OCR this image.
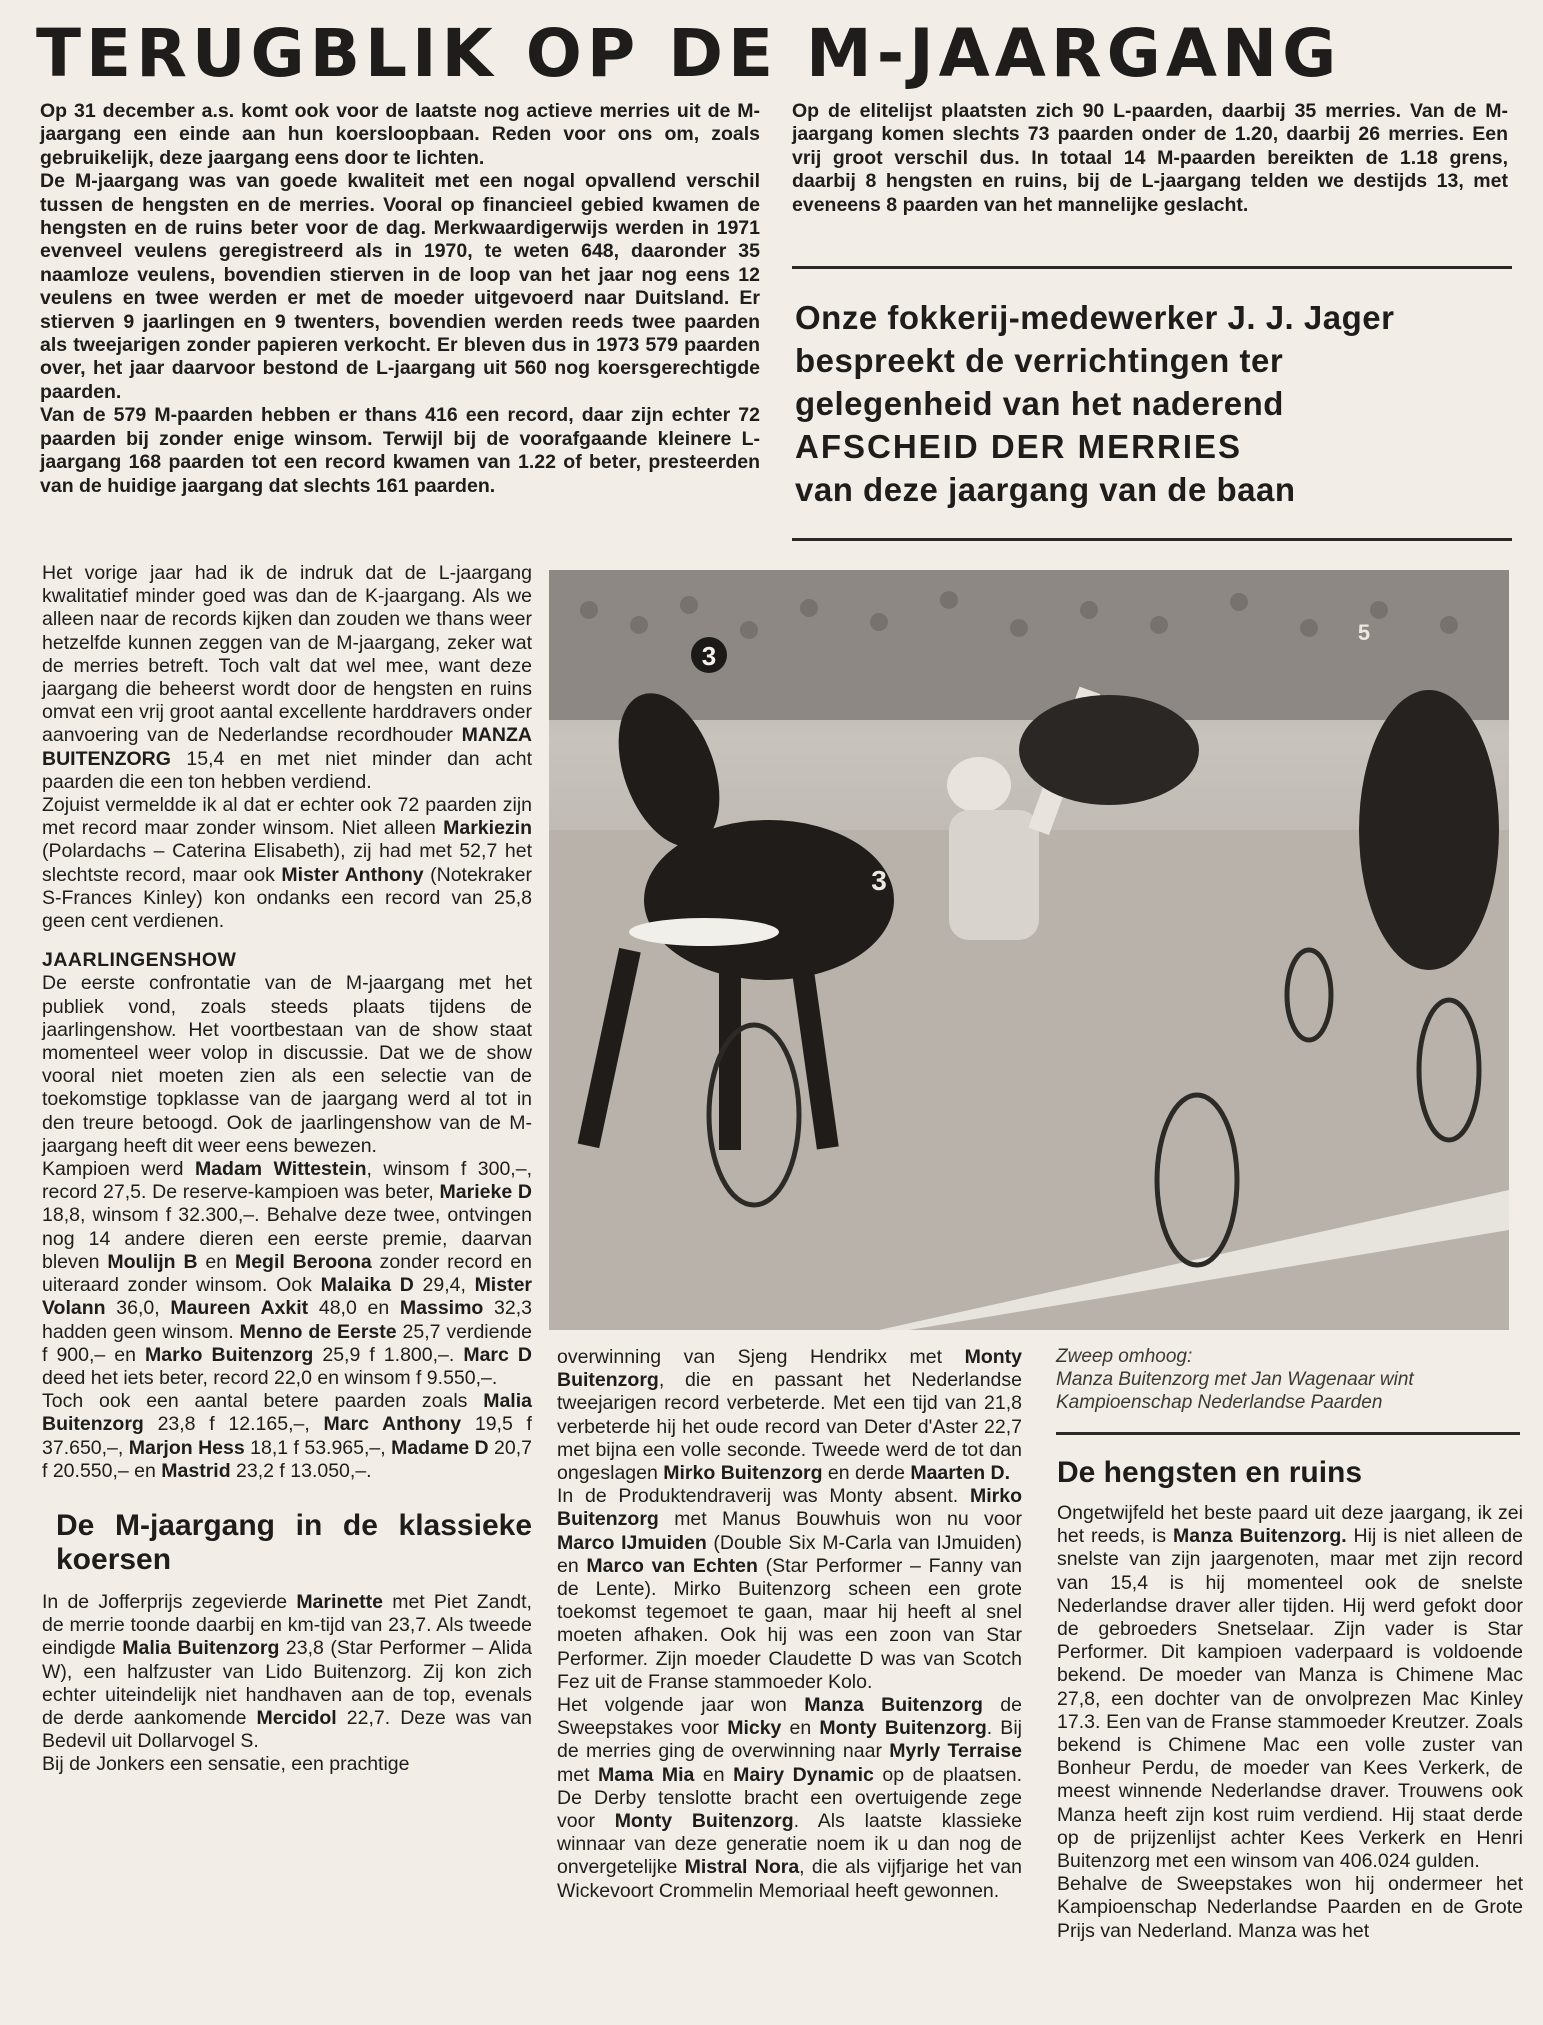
TERUGBLIK OP DE M-JAARGANG

Op 31 december a.s. komt ook voor de laatste nog actieve merries uit de M-jaargang een einde aan hun koersloopbaan. Reden voor ons om, zoals gebruikelijk, deze jaargang eens door te lichten.

De M-jaargang was van goede kwaliteit met een nogal opvallend verschil tussen de hengsten en de merries. Vooral op financieel gebied kwamen de hengsten en de ruins beter voor de dag. Merkwaardigerwijs werden in 1971 evenveel veulens geregistreerd als in 1970, te weten 648, daaronder 35 naamloze veulens, bovendien stierven in de loop van het jaar nog eens 12 veulens en twee werden er met de moeder uitgevoerd naar Duitsland. Er stierven 9 jaarlingen en 9 twenters, bovendien werden reeds twee paarden als tweejarigen zonder papieren verkocht. Er bleven dus in 1973 579 paarden over, het jaar daarvoor bestond de L-jaargang uit 560 nog koersgerechtigde paarden.

Van de 579 M-paarden hebben er thans 416 een record, daar zijn echter 72 paarden bij zonder enige winsom. Terwijl bij de voorafgaande kleinere L-jaargang 168 paarden tot een record kwamen van 1.22 of beter, presteerden van de huidige jaargang dat slechts 161 paarden.

Op de elitelijst plaatsten zich 90 L-paarden, daarbij 35 merries. Van de M-jaargang komen slechts 73 paarden onder de 1.20, daarbij 26 merries. Een vrij groot verschil dus. In totaal 14 M-paarden bereikten de 1.18 grens, daarbij 8 hengsten en ruins, bij de L-jaargang telden we destijds 13, met eveneens 8 paarden van het mannelijke geslacht.

Onze fokkerij-medewerker J. J. Jager
bespreekt de verrichtingen ter
gelegenheid van het naderend
AFSCHEID DER MERRIES
van deze jaargang van de baan

Het vorige jaar had ik de indruk dat de L-jaargang kwalitatief minder goed was dan de K-jaargang. Als we alleen naar de records kijken dan zouden we thans weer hetzelfde kunnen zeggen van de M-jaargang, zeker wat de merries betreft. Toch valt dat wel mee, want deze jaargang die beheerst wordt door de hengsten en ruins omvat een vrij groot aantal excellente harddravers onder aanvoering van de Nederlandse recordhouder MANZA BUITENZORG 15,4 en met niet minder dan acht paarden die een ton hebben verdiend.

Zojuist vermeldde ik al dat er echter ook 72 paarden zijn met record maar zonder winsom. Niet alleen Markiezin (Polardachs – Caterina Elisabeth), zij had met 52,7 het slechtste record, maar ook Mister Anthony (Notekraker S-Frances Kinley) kon ondanks een record van 25,8 geen cent verdienen.

JAARLINGENSHOW

De eerste confrontatie van de M-jaargang met het publiek vond, zoals steeds plaats tijdens de jaarlingenshow. Het voortbestaan van de show staat momenteel weer volop in discussie. Dat we de show vooral niet moeten zien als een selectie van de toekomstige topklasse van de jaargang werd al tot in den treure betoogd. Ook de jaarlingenshow van de M-jaargang heeft dit weer eens bewezen.

Kampioen werd Madam Wittestein, winsom f 300,–, record 27,5. De reserve-kampioen was beter, Marieke D 18,8, winsom f 32.300,–. Behalve deze twee, ontvingen nog 14 andere dieren een eerste premie, daarvan bleven Moulijn B en Megil Beroona zonder record en uiteraard zonder winsom. Ook Malaika D 29,4, Mister Volann 36,0, Maureen Axkit 48,0 en Massimo 32,3 hadden geen winsom. Menno de Eerste 25,7 verdiende f 900,– en Marko Buitenzorg 25,9 f 1.800,–. Marc D deed het iets beter, record 22,0 en winsom f 9.550,–.

Toch ook een aantal betere paarden zoals Malia Buitenzorg 23,8 f 12.165,–, Marc Anthony 19,5 f 37.650,–, Marjon Hess 18,1 f 53.965,–, Madame D 20,7 f 20.550,– en Mastrid 23,2 f 13.050,–.

De M-jaargang in de klassieke koersen

In de Jofferprijs zegevierde Marinette met Piet Zandt, de merrie toonde daarbij en km-tijd van 23,7. Als tweede eindigde Malia Buitenzorg 23,8 (Star Performer – Alida W), een halfzuster van Lido Buitenzorg. Zij kon zich echter uiteindelijk niet handhaven aan de top, evenals de derde aankomende Mercidol 22,7. Deze was van Bedevil uit Dollarvogel S.

Bij de Jonkers een sensatie, een prachtige

3
3
5

overwinning van Sjeng Hendrikx met Monty Buitenzorg, die en passant het Nederlandse tweejarigen record verbeterde. Met een tijd van 21,8 verbeterde hij het oude record van Deter d'Aster 22,7 met bijna een volle seconde. Tweede werd de tot dan ongeslagen Mirko Buitenzorg en derde Maarten D.

In de Produktendraverij was Monty absent. Mirko Buitenzorg met Manus Bouwhuis won nu voor Marco IJmuiden (Double Six M-Carla van IJmuiden) en Marco van Echten (Star Performer – Fanny van de Lente). Mirko Buitenzorg scheen een grote toekomst tegemoet te gaan, maar hij heeft al snel moeten afhaken. Ook hij was een zoon van Star Performer. Zijn moeder Claudette D was van Scotch Fez uit de Franse stammoeder Kolo.

Het volgende jaar won Manza Buitenzorg de Sweepstakes voor Micky en Monty Buitenzorg. Bij de merries ging de overwinning naar Myrly Terraise met Mama Mia en Mairy Dynamic op de plaatsen. De Derby tenslotte bracht een overtuigende zege voor Monty Buitenzorg. Als laatste klassieke winnaar van deze generatie noem ik u dan nog de onvergetelijke Mistral Nora, die als vijfjarige het van Wickevoort Crommelin Memoriaal heeft gewonnen.

Zweep omhoog:
Manza Buitenzorg met Jan Wagenaar wint Kampioenschap Nederlandse Paarden
De hengsten en ruins

Ongetwijfeld het beste paard uit deze jaargang, ik zei het reeds, is Manza Buitenzorg. Hij is niet alleen de snelste van zijn jaargenoten, maar met zijn record van 15,4 is hij momenteel ook de snelste Nederlandse draver aller tijden. Hij werd gefokt door de gebroeders Snetselaar. Zijn vader is Star Performer. Dit kampioen vaderpaard is voldoende bekend. De moeder van Manza is Chimene Mac 27,8, een dochter van de onvolprezen Mac Kinley 17.3. Een van de Franse stammoeder Kreutzer. Zoals bekend is Chimene Mac een volle zuster van Bonheur Perdu, de moeder van Kees Verkerk, de meest winnende Nederlandse draver. Trouwens ook Manza heeft zijn kost ruim verdiend. Hij staat derde op de prijzenlijst achter Kees Verkerk en Henri Buitenzorg met een winsom van 406.024 gulden.

Behalve de Sweepstakes won hij ondermeer het Kampioenschap Nederlandse Paarden en de Grote Prijs van Nederland. Manza was het
